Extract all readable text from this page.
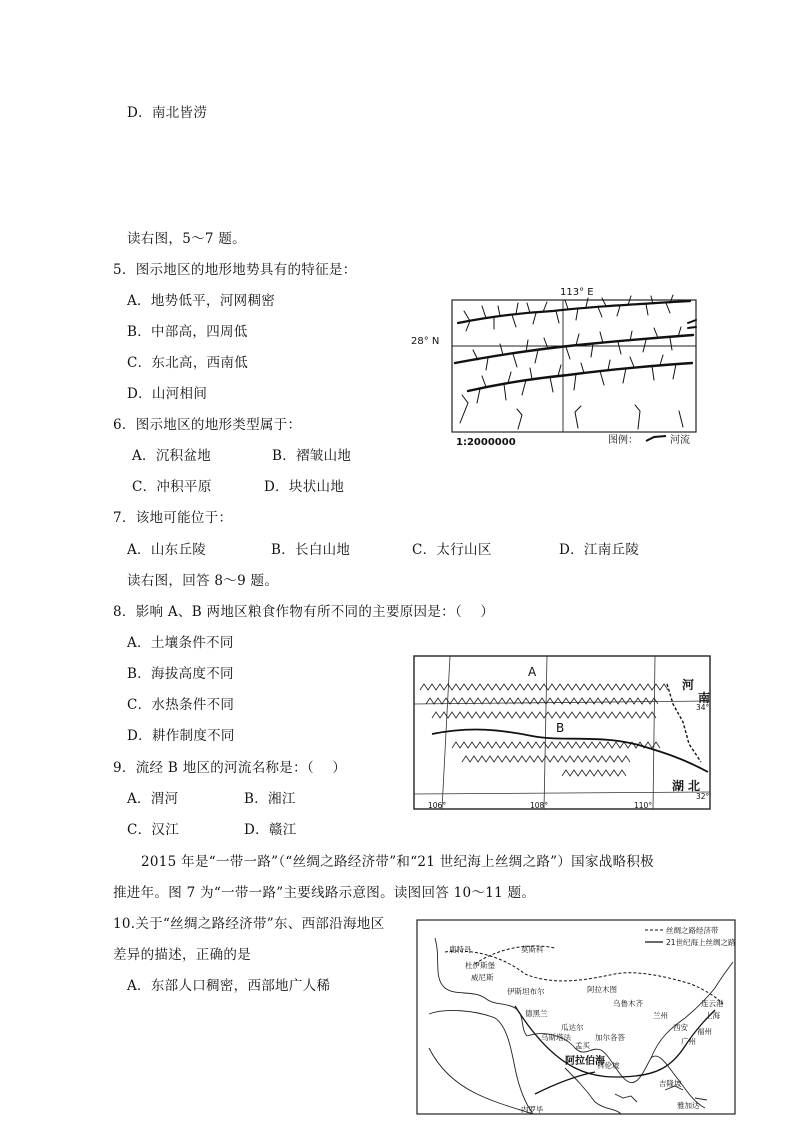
D．南北皆涝
读右图，5～7 题。
5．图示地区的地形地势具有的特征是：
A．地势低平，河网稠密
B．中部高，四周低
C．东北高，西南低
D．山河相间
6．图示地区的地形类型属于：
A．沉积盆地	B．褶皱山地
C．冲积平原	D．块状山地
7．该地可能位于：
A．山东丘陵	B．长白山地	C．太行山区	D．江南丘陵
读右图，回答 8～9 题。
8．影响 A、B 两地区粮食作物有所不同的主要原因是：（　 ）
A．土壤条件不同
B．海拔高度不同
C．水热条件不同
D．耕作制度不同
9．流经 B 地区的河流名称是：（　 ）
A．渭河	B．湘江
C．汉江	D．赣江
2015 年是“一带一路”（“丝绸之路经济带”和“21 世纪海上丝绸之路”）国家战略积极
推进年。图 7 为“一带一路”主要线路示意图。读图回答 10～11 题。
10.关于“丝绸之路经济带”东、西部沿海地区
差异的描述，正确的是
A．东部人口稠密，西部地广人稀
113° E
28° N
1:2000000	图例：	河流
A
B
河
南
湖 北
34°
32°
106°	108°	110°
丝绸之路经济带
21世纪海上丝绸之路
鹿特丹	莫斯科
杜伊斯堡
威尼斯
伊斯坦布尔	阿拉木图
乌鲁木齐
德黑兰	兰州
西安
瓜达尔
加尔各答
科伦坡
乌斯塔法
内罗毕	雅加达
吉隆坡
孟买	广州
福州
上海
连云港
阿拉伯海
